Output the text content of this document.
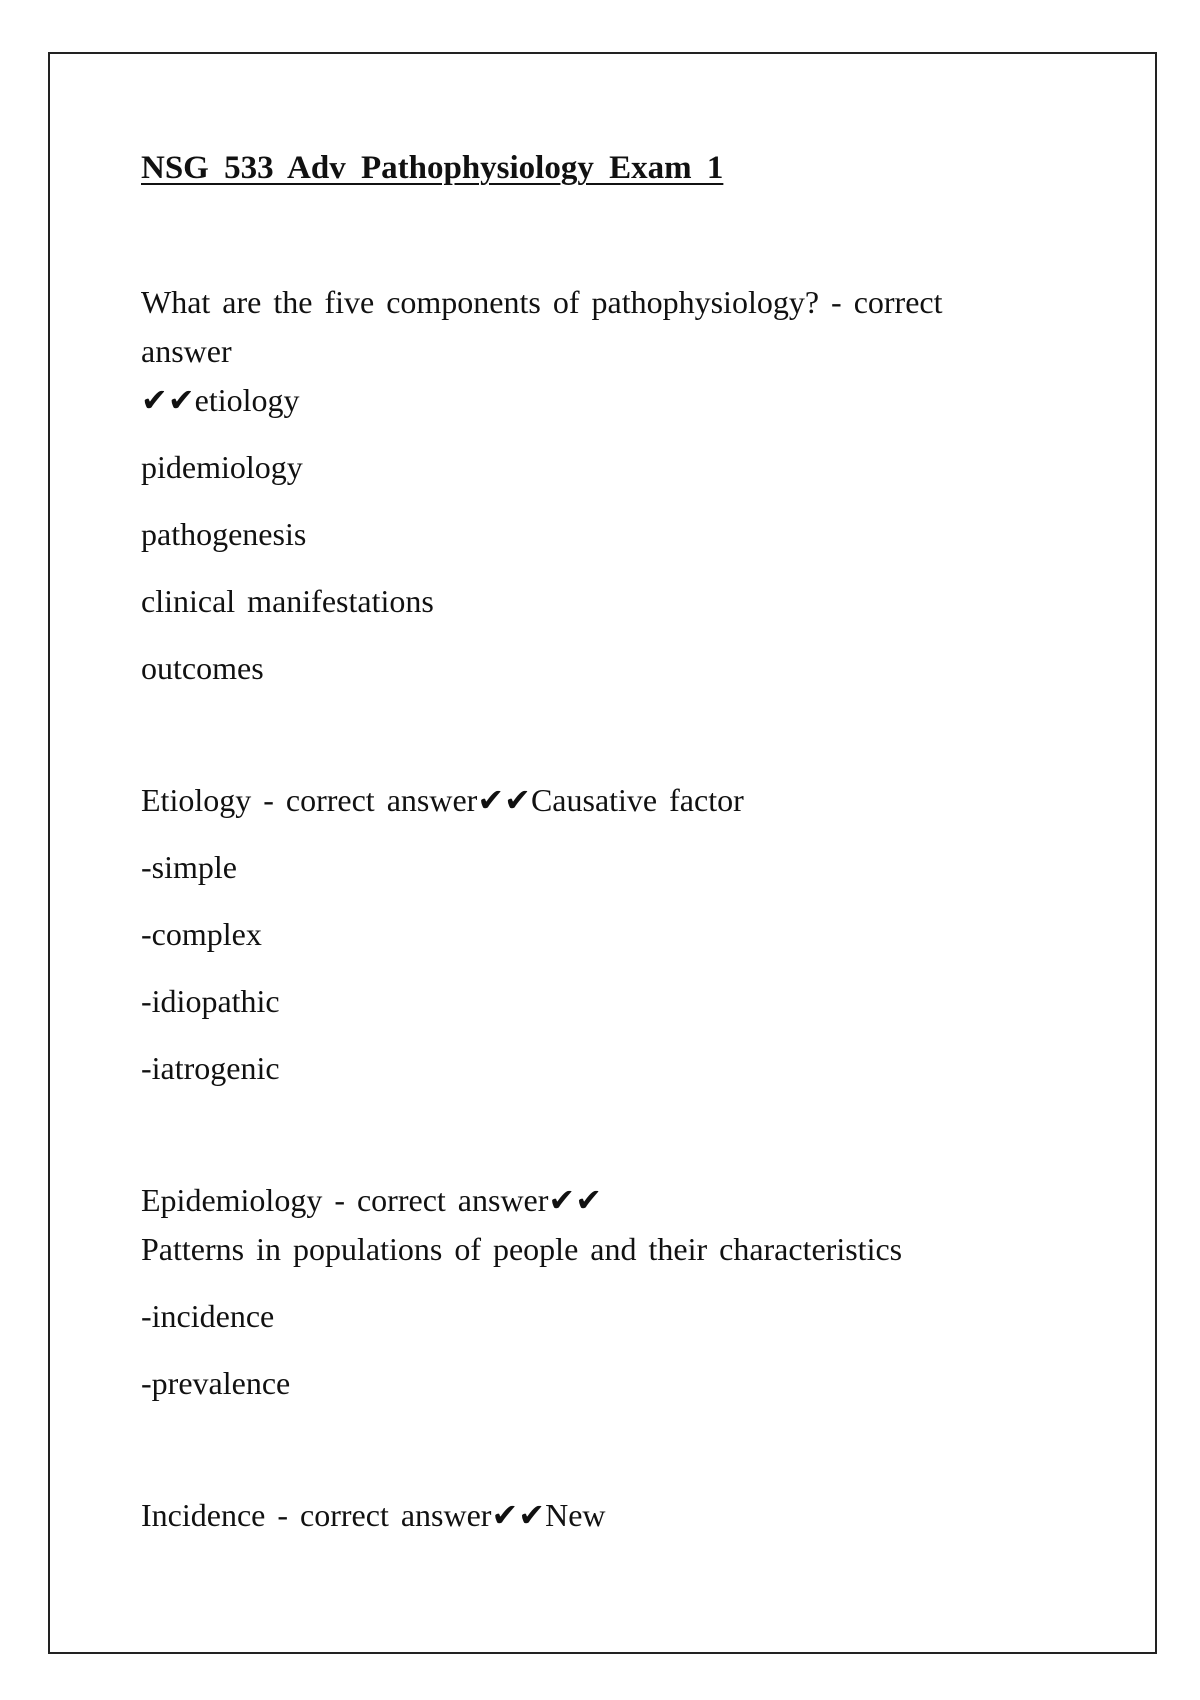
NSG 533 Adv Pathophysiology Exam 1

What are the five components of pathophysiology? - correct answer

✔✔etiology

pidemiology

pathogenesis

clinical manifestations

outcomes

Etiology - correct answer✔✔Causative factor

-simple

-complex

-idiopathic

-iatrogenic

Epidemiology - correct answer✔✔

Patterns in populations of people and their characteristics

-incidence

-prevalence

Incidence - correct answer✔✔New
